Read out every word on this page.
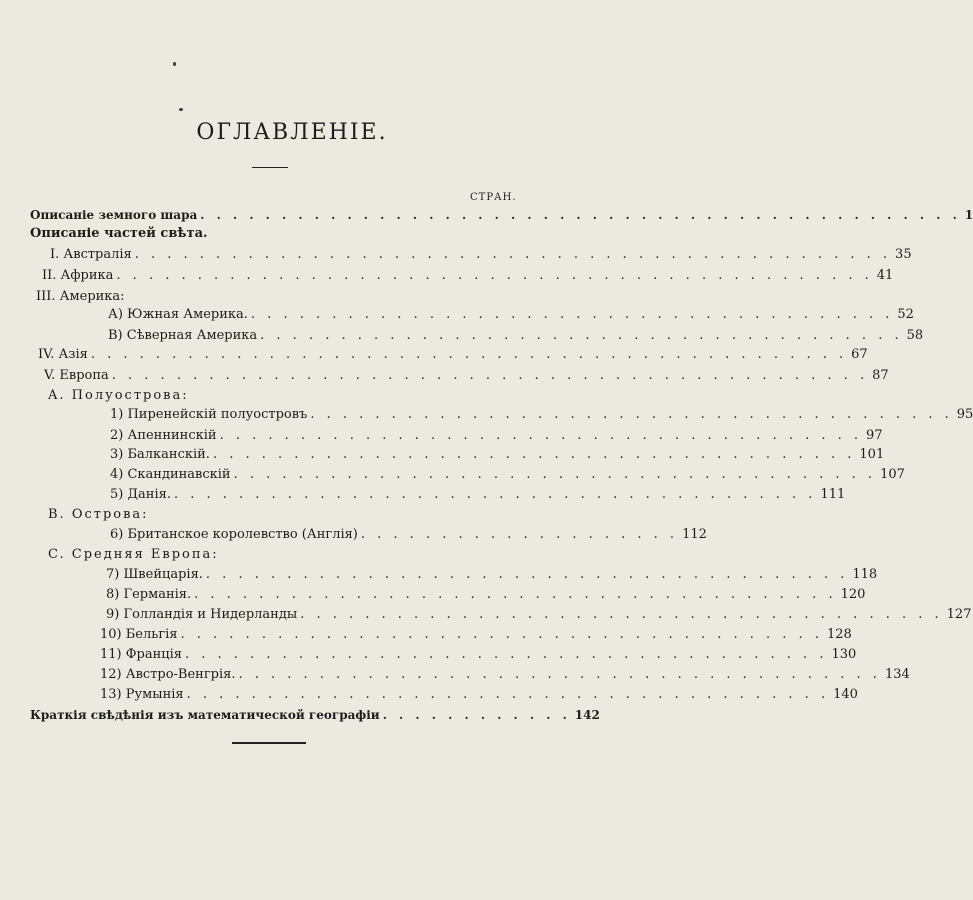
ОГЛАВЛЕНІЕ.
СТРАН.
Описаніе земного шара . . . . . . . . . . . . . . . . . . . . . . . . . . . . . . . . . . . . . . . . . . . . . . . 1
Описаніе частей свѣта.
I. Австралія . . . . . . . . . . . . . . . . . . . . . . . . . . . . . . . . . . . . . . . . . . . . . . . 35
II. Африка . . . . . . . . . . . . . . . . . . . . . . . . . . . . . . . . . . . . . . . . . . . . . . . 41
III. Америка:
А) Южная Америка. . . . . . . . . . . . . . . . . . . . . . . . . . . . . . . . . . . . . . . . . 52
В) Сѣверная Америка . . . . . . . . . . . . . . . . . . . . . . . . . . . . . . . . . . . . . . . . 58
IV. Азія . . . . . . . . . . . . . . . . . . . . . . . . . . . . . . . . . . . . . . . . . . . . . . . 67
V. Европа . . . . . . . . . . . . . . . . . . . . . . . . . . . . . . . . . . . . . . . . . . . . . . . 87
A. Полуострова:
1) Пиренейскій полуостровъ . . . . . . . . . . . . . . . . . . . . . . . . . . . . . . . . . . . . . . . . 95
2) Апеннинскій . . . . . . . . . . . . . . . . . . . . . . . . . . . . . . . . . . . . . . . . 97
3) Балканскій. . . . . . . . . . . . . . . . . . . . . . . . . . . . . . . . . . . . . . . . . 101
4) Скандинавскій . . . . . . . . . . . . . . . . . . . . . . . . . . . . . . . . . . . . . . . . 107
5) Данія. . . . . . . . . . . . . . . . . . . . . . . . . . . . . . . . . . . . . . . . . 111
B. Острова:
6) Британское королевство (Англія) . . . . . . . . . . . . . . . . . . . . 112
C. Средняя Европа:
7) Швейцарія. . . . . . . . . . . . . . . . . . . . . . . . . . . . . . . . . . . . . . . . . 118
8) Германія. . . . . . . . . . . . . . . . . . . . . . . . . . . . . . . . . . . . . . . . . 120
9) Голландія и Нидерланды . . . . . . . . . . . . . . . . . . . . . . . . . . . . . . . . . . . . . . . . 127
10) Бельгія . . . . . . . . . . . . . . . . . . . . . . . . . . . . . . . . . . . . . . . . 128
11) Франція . . . . . . . . . . . . . . . . . . . . . . . . . . . . . . . . . . . . . . . . 130
12) Австро-Венгрія. . . . . . . . . . . . . . . . . . . . . . . . . . . . . . . . . . . . . . . . . 134
13) Румынія . . . . . . . . . . . . . . . . . . . . . . . . . . . . . . . . . . . . . . . . 140
Краткія свѣдѣнія изъ математической географіи . . . . . . . . . . . . 142
